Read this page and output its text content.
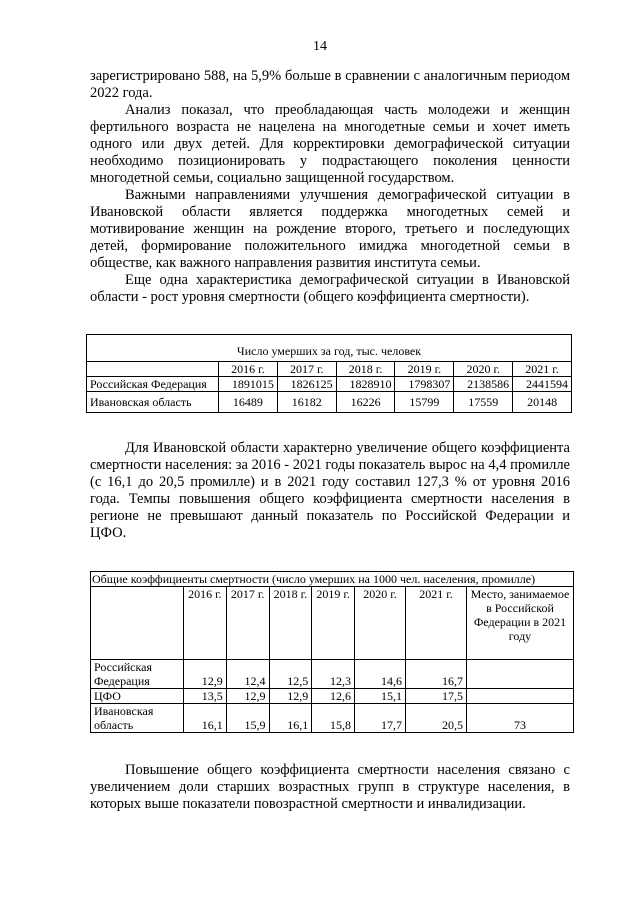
14

зарегистрировано 588, на 5,9% больше в сравнении с аналогичным периодом 2022 года.

Анализ показал, что преобладающая часть молодежи и женщин фертильного возраста не нацелена на многодетные семьи и хочет иметь одного или двух детей. Для корректировки демографической ситуации необходимо позиционировать у подрастающего поколения ценности многодетной семьи, социально защищенной государством.

Важными направлениями улучшения демографической ситуации в Ивановской области является поддержка многодетных семей и мотивирование женщин на рождение второго, третьего и последующих детей, формирование положительного имиджа многодетной семьи в обществе, как важного направления развития института семьи.

Еще одна характеристика демографической ситуации в Ивановской области - рост уровня смертности (общего коэффициента смертности).

Число умерших за год, тыс. человек						
	2016 г.	2017 г.	2018 г.	2019 г.	2020 г.	2021 г.
Российская Федерация	1891015	1826125	1828910	1798307	2138586	2441594
Ивановская область	16489	16182	16226	15799	17559	20148

Для Ивановской области характерно увеличение общего коэффициента смертности населения: за 2016 - 2021 годы показатель вырос на 4,4 промилле (с 16,1 до 20,5 промилле) и в 2021 году составил 127,3 % от уровня 2016 года. Темпы повышения общего коэффициента смертности населения в регионе не превышают данный показатель по Российской Федерации и ЦФО.

Общие коэффициенты смертности (число умерших на 1000 чел. населения, промилле)							
	2016 г.	2017 г.	2018 г.	2019 г.	2020 г.	2021 г.	Место, занимаемое в Российской Федерации в 2021 году
Российская Федерация	12,9	12,4	12,5	12,3	14,6	16,7	
ЦФО	13,5	12,9	12,9	12,6	15,1	17,5	
Ивановская область	16,1	15,9	16,1	15,8	17,7	20,5	73

Повышение общего коэффициента смертности населения связано с увеличением доли старших возрастных групп в структуре населения, в которых выше показатели повозрастной смертности и инвалидизации.
